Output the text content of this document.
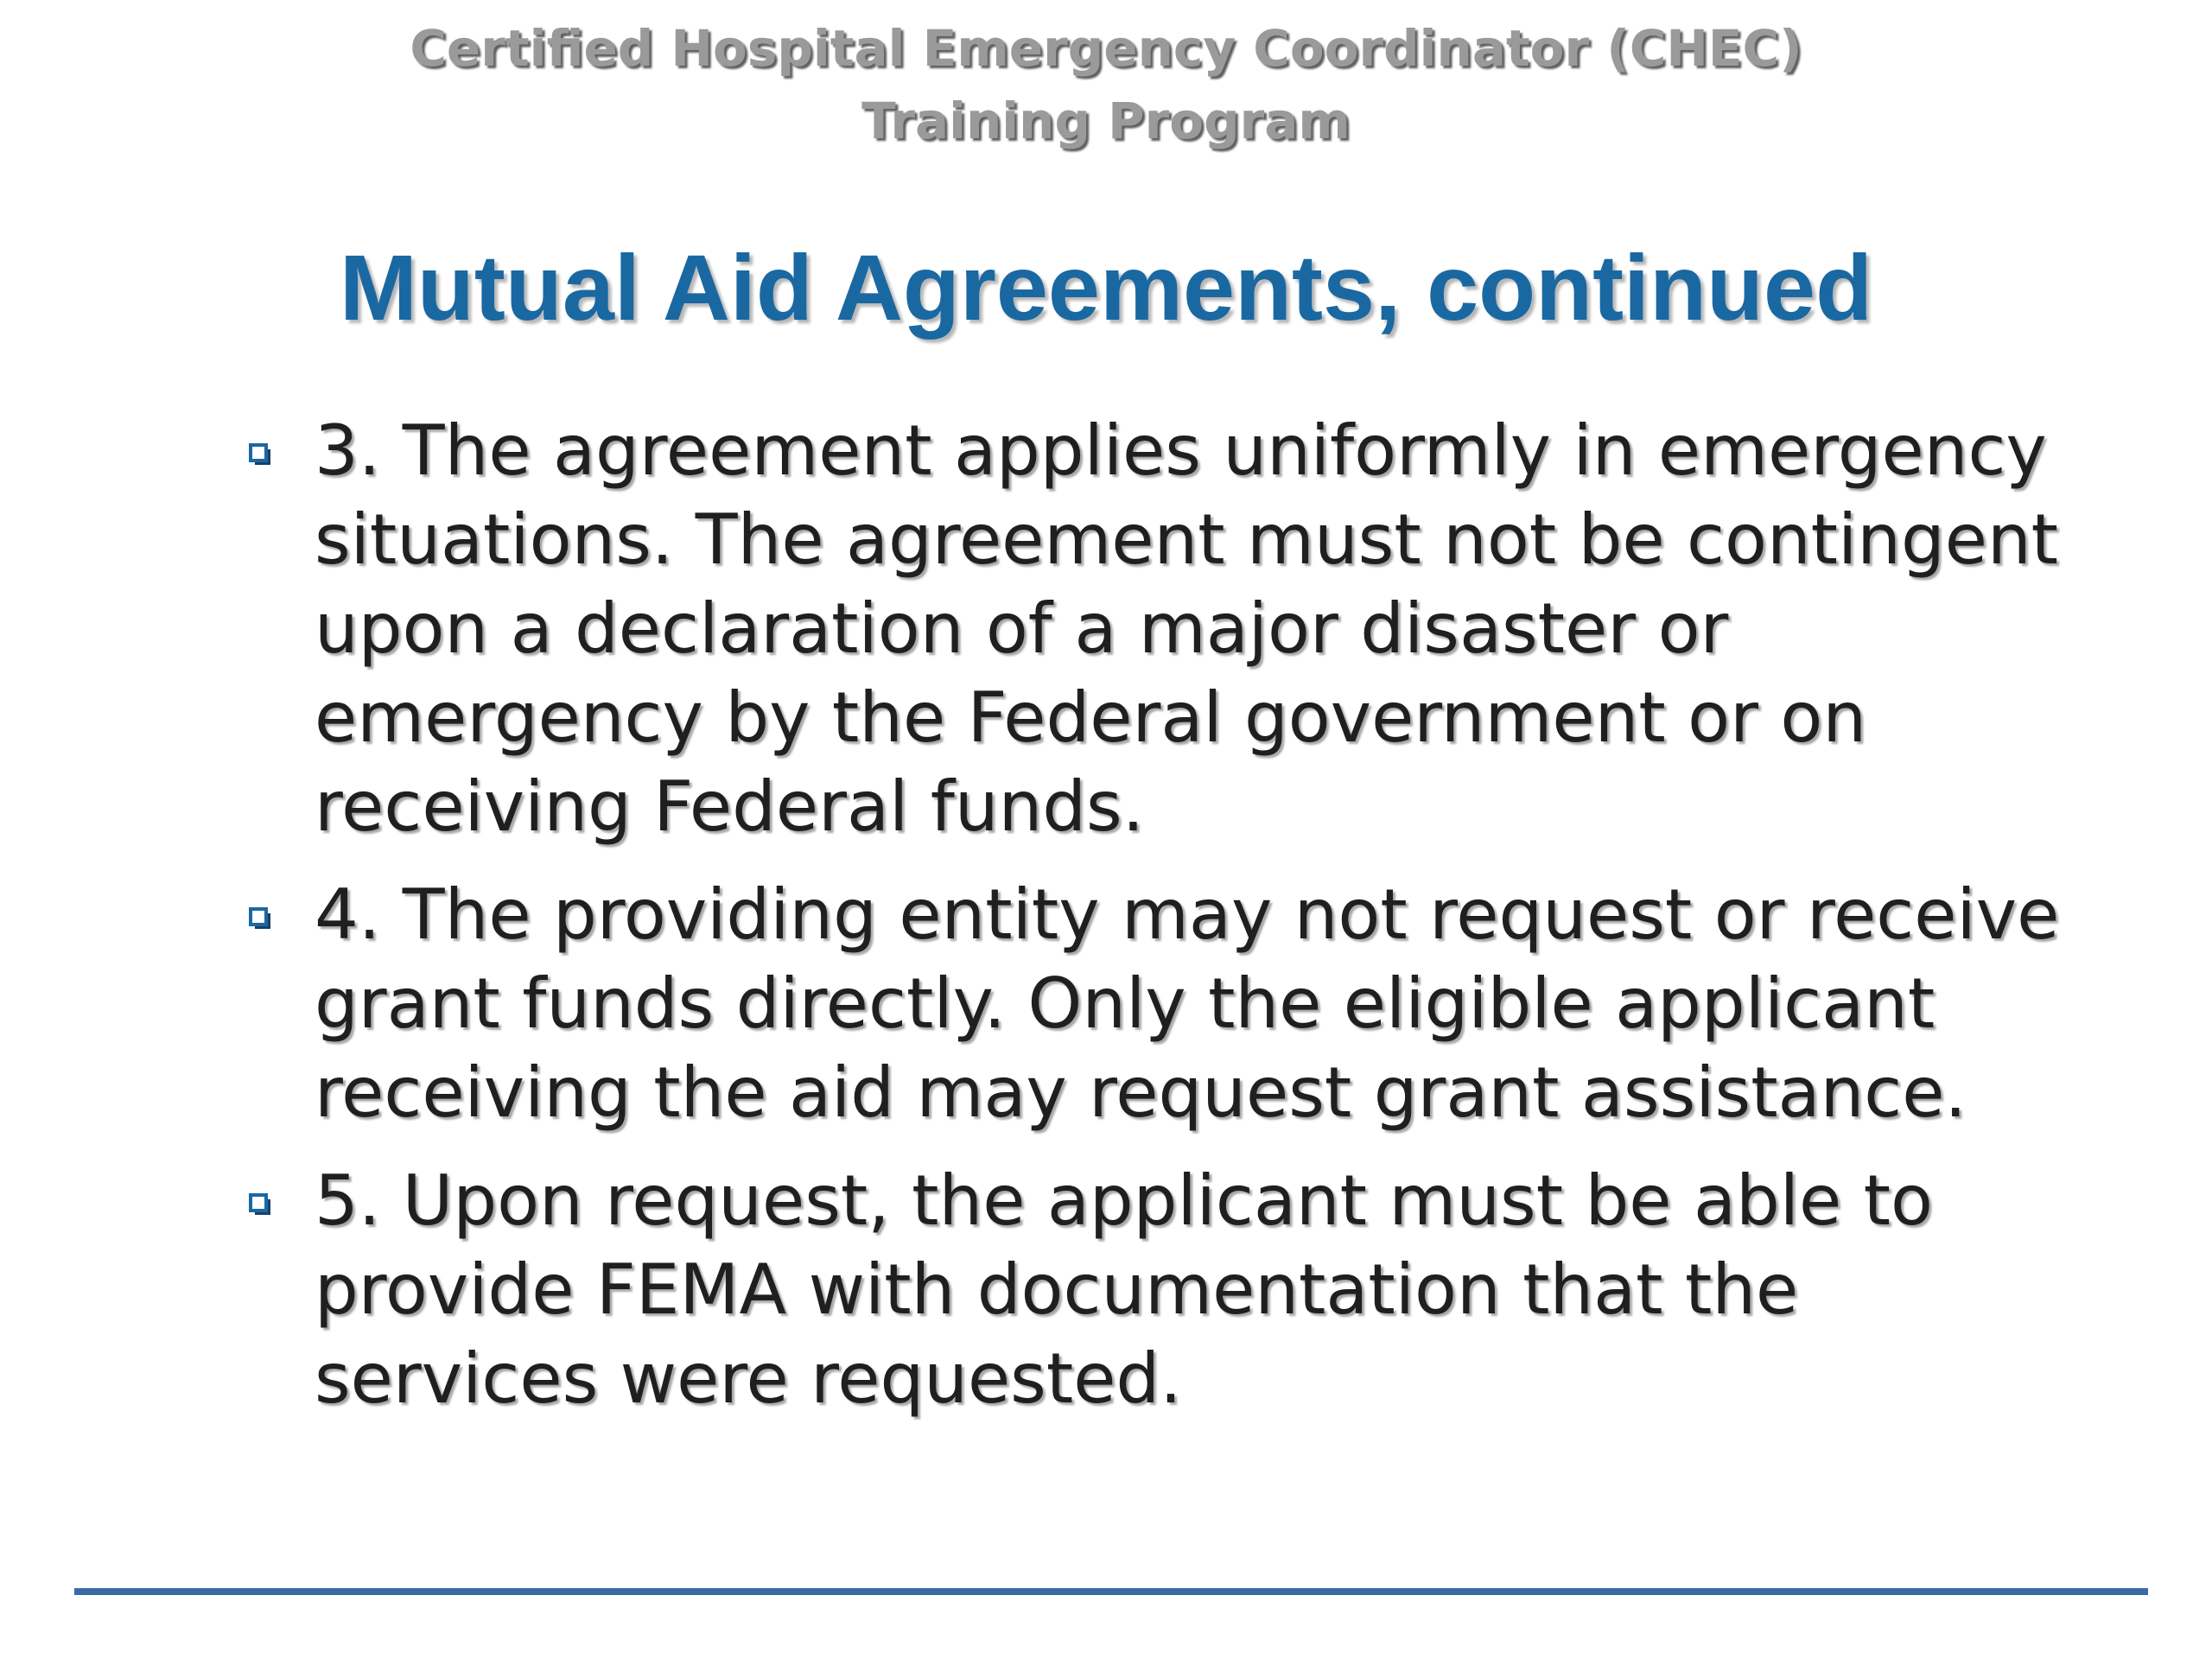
Certified Hospital Emergency Coordinator (CHEC)
Training Program
Mutual Aid Agreements, continued
3. The agreement applies uniformly in emergency situations. The agreement must not be contingent upon a declaration of a major disaster or emergency by the Federal government or on receiving Federal funds.
4. The providing entity may not request or receive grant funds directly. Only the eligible applicant receiving the aid may request grant assistance.
5. Upon request, the applicant must be able to provide FEMA with documentation that the services were requested.
